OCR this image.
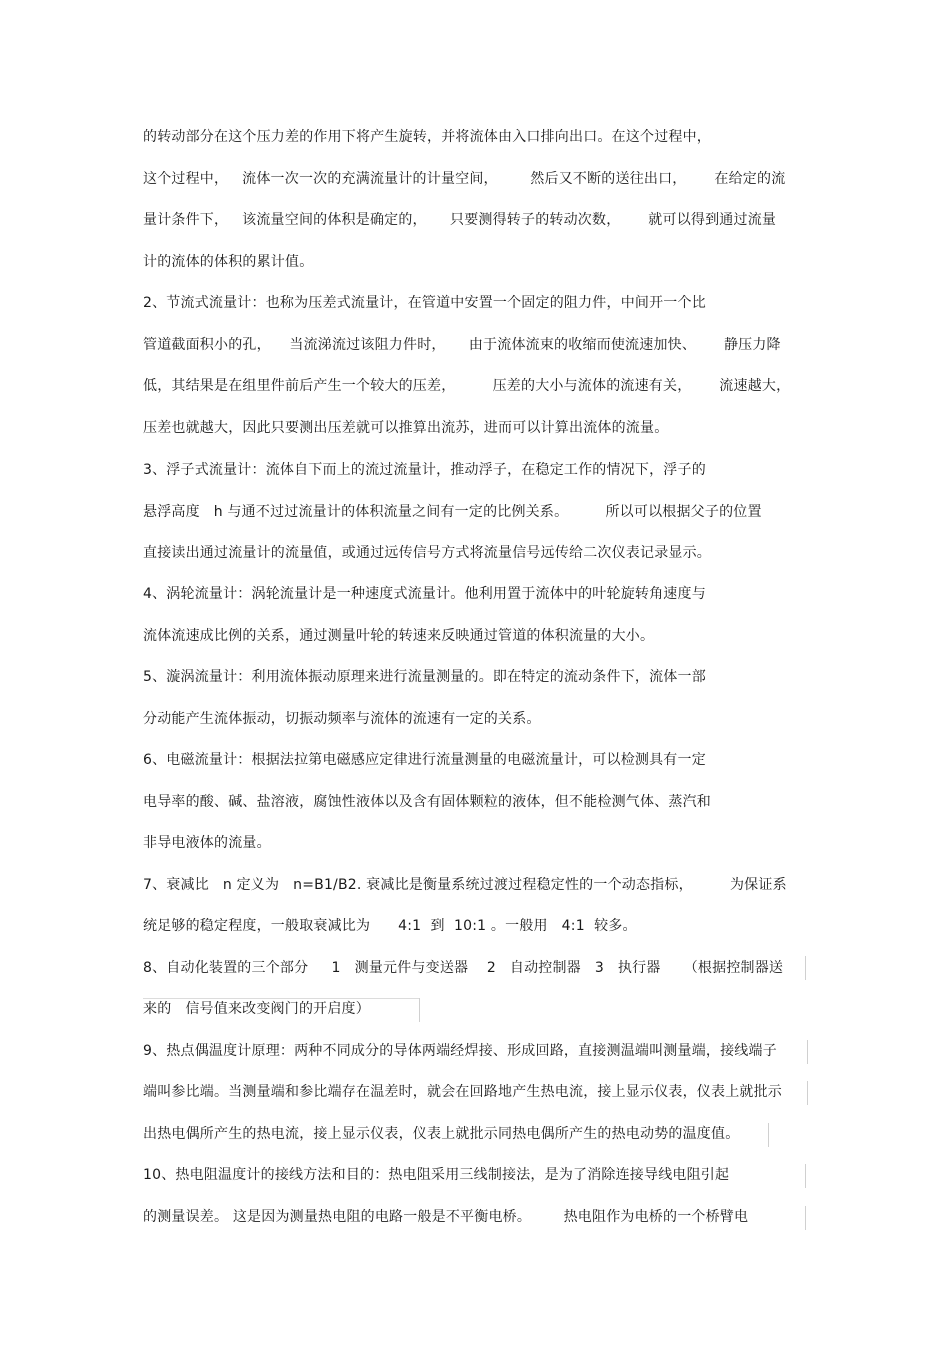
的转动部分在这个压力差的作用下将产生旋转，并将流体由入口排向出口。在这个过程中，
这个过程中，   流体一次一次的充满流量计的计量空间，       然后又不断的送往出口，      在给定的流
量计条件下，   该流量空间的体积是确定的，     只要测得转子的转动次数，      就可以得到通过流量
计的流体的体积的累计值。
2、节流式流量计：也称为压差式流量计，在管道中安置一个固定的阻力件，中间开一个比
管道截面积小的孔，    当流涕流过该阻力件时，     由于流体流束的收缩而使流速加快、      静压力降
低，其结果是在组里件前后产生一个较大的压差，        压差的大小与流体的流速有关，      流速越大，
压差也就越大，因此只要测出压差就可以推算出流苏，进而可以计算出流体的流量。
3、浮子式流量计：流体自下而上的流过流量计，推动浮子，在稳定工作的情况下，浮子的
悬浮高度   h 与通不过过流量计的体积流量之间有一定的比例关系。        所以可以根据父子的位置
直接读出通过流量计的流量值，或通过远传信号方式将流量信号远传给二次仪表记录显示。
4、涡轮流量计：涡轮流量计是一种速度式流量计。他利用置于流体中的叶轮旋转角速度与
流体流速成比例的关系，通过测量叶轮的转速来反映通过管道的体积流量的大小。
5、漩涡流量计：利用流体振动原理来进行流量测量的。即在特定的流动条件下，流体一部
分动能产生流体振动，切振动频率与流体的流速有一定的关系。
6、电磁流量计：根据法拉第电磁感应定律进行流量测量的电磁流量计，可以检测具有一定
电导率的酸、碱、盐溶液，腐蚀性液体以及含有固体颗粒的液体，但不能检测气体、蒸汽和
非导电液体的流量。
7、衰减比   n 定义为   n=B1/B2. 衰减比是衡量系统过渡过程稳定性的一个动态指标，        为保证系
统足够的稳定程度，一般取衰减比为      4:1  到  10:1 。一般用   4:1  较多。
8、自动化装置的三个部分     1   测量元件与变送器    2   自动控制器   3   执行器     （根据控制器送
来的   信号值来改变阀门的开启度）
9、热点偶温度计原理：两种不同成分的导体两端经焊接、形成回路，直接测温端叫测量端，接线端子
端叫参比端。当测量端和参比端存在温差时，就会在回路地产生热电流，接上显示仪表，仪表上就批示
出热电偶所产生的热电流，接上显示仪表，仪表上就批示同热电偶所产生的热电动势的温度值。
10、热电阻温度计的接线方法和目的：热电阻采用三线制接法，是为了消除连接导线电阻引起
的测量误差。 这是因为测量热电阻的电路一般是不平衡电桥。       热电阻作为电桥的一个桥臂电
